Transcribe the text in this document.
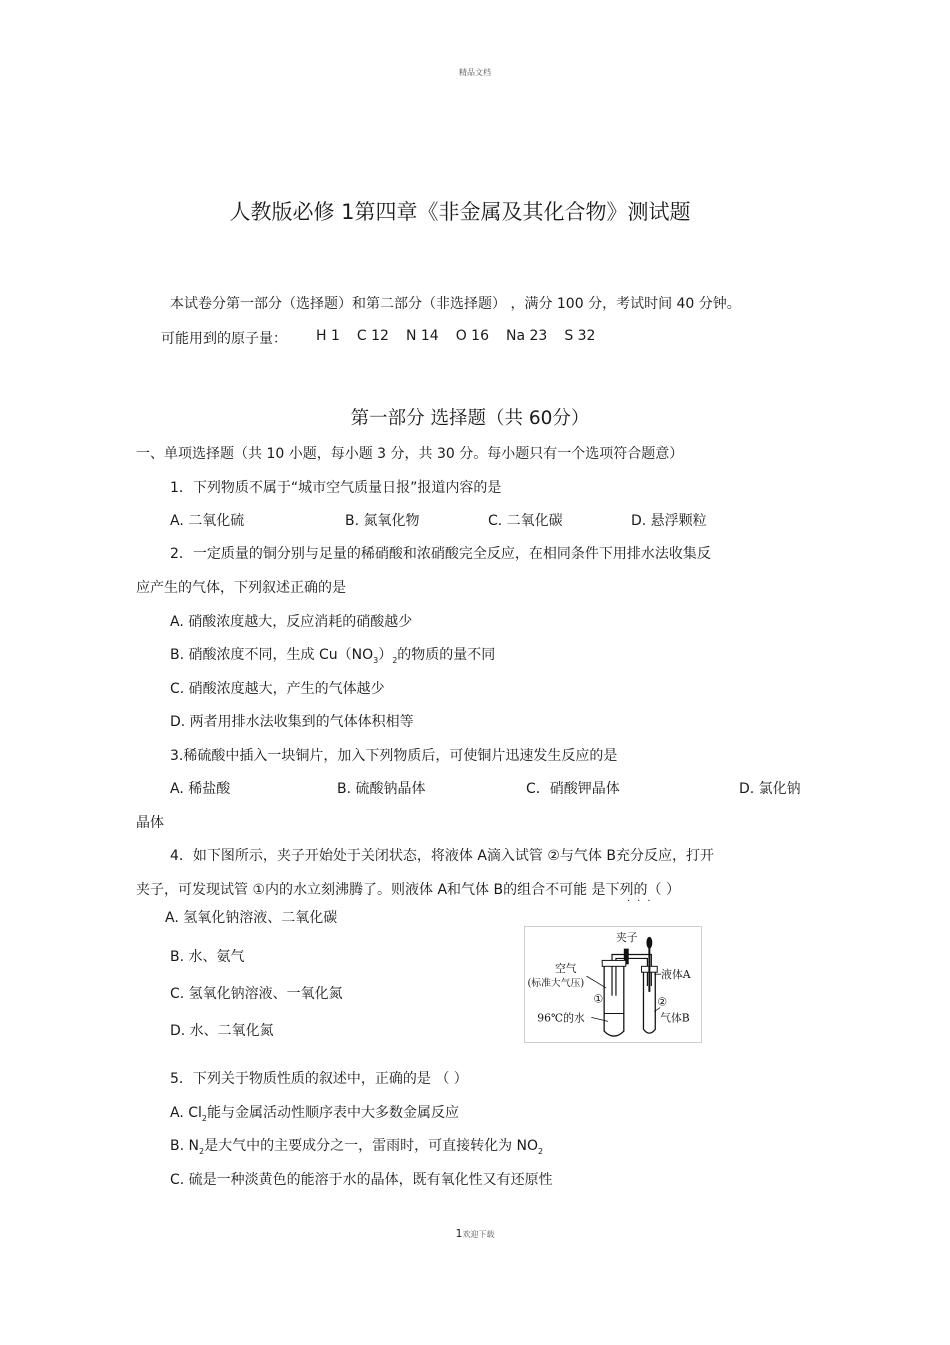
精品文档
人教版必修 1第四章《非金属及其化合物》测试题
本试卷分第一部分（选择题）和第二部分（非选择题） ，满分 100 分，考试时间 40 分钟。
可能用到的原子量： H 1 C 12 N 14 O 16 Na 23 S 32
第一部分 选择题（共 60分）
一、单项选择题（共 10 小题，每小题 3 分，共 30 分。每小题只有一个选项符合题意）
1．下列物质不属于“城市空气质量日报”报道内容的是
A. 二氧化硫	B. 氮氧化物	C. 二氧化碳	D. 悬浮颗粒
2．一定质量的铜分别与足量的稀硝酸和浓硝酸完全反应，在相同条件下用排水法收集反
应产生的气体，下列叙述正确的是
A. 硝酸浓度越大，反应消耗的硝酸越少
B. 硝酸浓度不同，生成 $Cu(NO_3)_2$的物质的量不同
C. 硝酸浓度越大，产生的气体越少
D. 两者用排水法收集到的气体体积相等
3.稀硫酸中插入一块铜片，加入下列物质后，可使铜片迅速发生反应的是
A. 稀盐酸	B. 硫酸钠晶体	C．硝酸钾晶体	D. 氯化钠
晶体
4．如下图所示，夹子开始处于关闭状态，将液体 A滴入试管 ②与气体 B充分反应，打开
夹子，可发现试管 ①内的水立刻沸腾了。则液体 A和气体 B的组合不可能 是下列的（ ）
···
A. 氢氧化钠溶液、二氧化碳
B. 水、氨气
C. 氢氧化钠溶液、一氧化氮
D. 水、二氧化氮
夹子
空气
(标准大气压)
①	②
96℃的水
液体A
气体B
5．下列关于物质性质的叙述中，正确的是 （ ）
A. $Cl_2$能与金属活动性顺序表中大多数金属反应
B. $N_2$是大气中的主要成分之一，雷雨时，可直接转化为 $NO_2$
C. 硫是一种淡黄色的能溶于水的晶体，既有氧化性又有还原性
1欢迎下载
